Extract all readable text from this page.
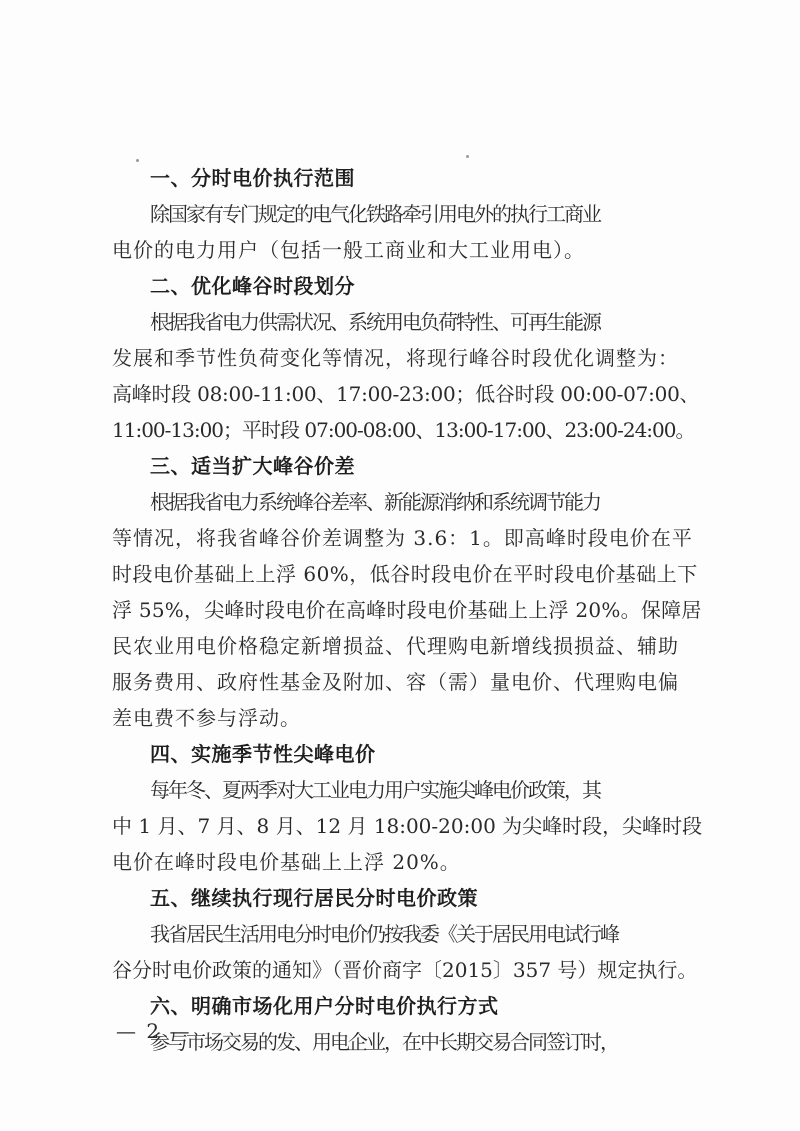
一、分时电价执行范围
除国家有专门规定的电气化铁路牵引用电外的执行工商业
电价的电力用户（包括一般工商业和大工业用电）。
二、优化峰谷时段划分
根据我省电力供需状况、系统用电负荷特性、可再生能源
发展和季节性负荷变化等情况，将现行峰谷时段优化调整为：
高峰时段 08:00-11:00、17:00-23:00；低谷时段 00:00-07:00、
11:00-13:00；平时段 07:00-08:00、13:00-17:00、23:00-24:00。
三、适当扩大峰谷价差
根据我省电力系统峰谷差率、新能源消纳和系统调节能力
等情况，将我省峰谷价差调整为 3.6：1。即高峰时段电价在平
时段电价基础上上浮 60%，低谷时段电价在平时段电价基础上下
浮 55%，尖峰时段电价在高峰时段电价基础上上浮 20%。保障居
民农业用电价格稳定新增损益、代理购电新增线损损益、辅助
服务费用、政府性基金及附加、容（需）量电价、代理购电偏
差电费不参与浮动。
四、实施季节性尖峰电价
每年冬、夏两季对大工业电力用户实施尖峰电价政策，其
中 1 月、7 月、8 月、12 月 18:00-20:00 为尖峰时段，尖峰时段
电价在峰时段电价基础上上浮 20%。
五、继续执行现行居民分时电价政策
我省居民生活用电分时电价仍按我委《关于居民用电试行峰
谷分时电价政策的通知》（晋价商字〔2015〕357 号）规定执行。
六、明确市场化用户分时电价执行方式
参与市场交易的发、用电企业，在中长期交易合同签订时，
— 2 —
